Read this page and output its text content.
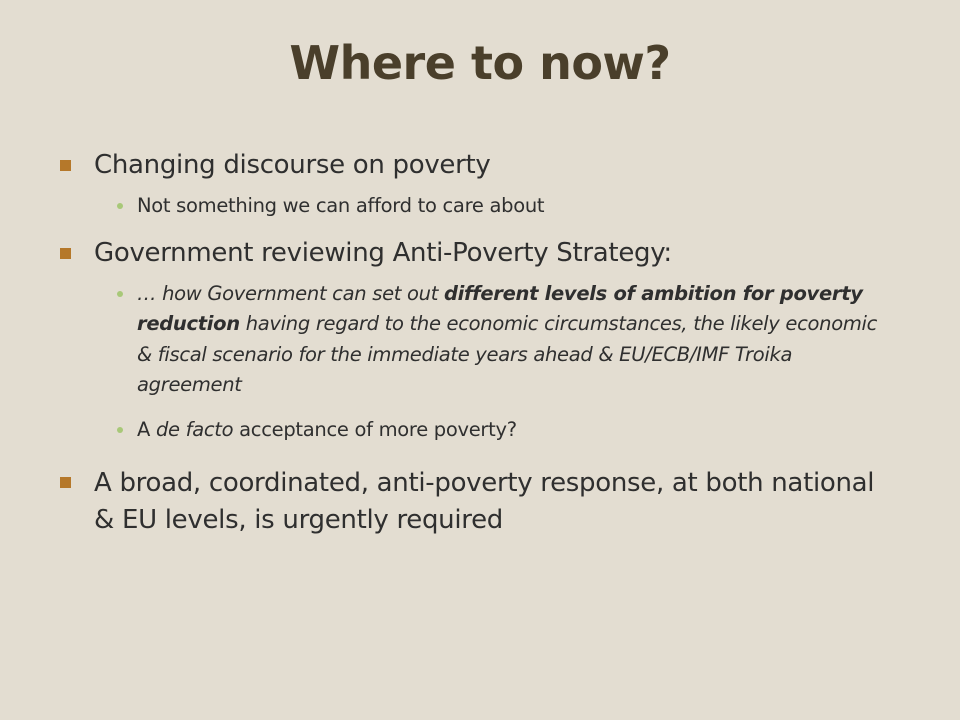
Where to now?
Changing discourse on poverty
Not something we can afford to care about
Government reviewing Anti-Poverty Strategy:
… how Government can set out different levels of ambition for poverty reduction having regard to the economic circumstances, the likely economic & fiscal scenario for the immediate years ahead & EU/ECB/IMF Troika agreement
A de facto acceptance of more poverty?
A broad, coordinated, anti-poverty response, at both national & EU levels, is urgently required
